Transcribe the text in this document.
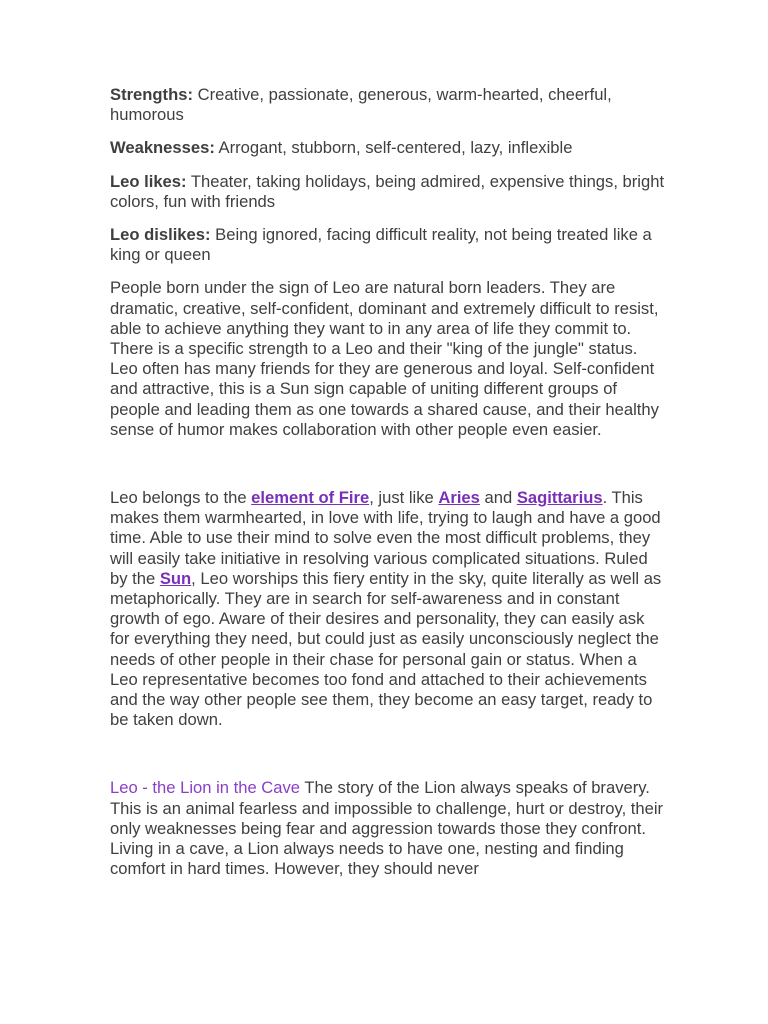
Strengths: Creative, passionate, generous, warm-hearted, cheerful, humorous

Weaknesses: Arrogant, stubborn, self-centered, lazy, inflexible

Leo likes: Theater, taking holidays, being admired, expensive things, bright colors, fun with friends

Leo dislikes: Being ignored, facing difficult reality, not being treated like a king or queen

People born under the sign of Leo are natural born leaders. They are dramatic, creative, self-confident, dominant and extremely difficult to resist, able to achieve anything they want to in any area of life they commit to. There is a specific strength to a Leo and their "king of the jungle" status. Leo often has many friends for they are generous and loyal. Self-confident and attractive, this is a Sun sign capable of uniting different groups of people and leading them as one towards a shared cause, and their healthy sense of humor makes collaboration with other people even easier.

Leo belongs to the element of Fire, just like Aries and Sagittarius. This makes them warmhearted, in love with life, trying to laugh and have a good time. Able to use their mind to solve even the most difficult problems, they will easily take initiative in resolving various complicated situations. Ruled by the Sun, Leo worships this fiery entity in the sky, quite literally as well as metaphorically. They are in search for self-awareness and in constant growth of ego. Aware of their desires and personality, they can easily ask for everything they need, but could just as easily unconsciously neglect the needs of other people in their chase for personal gain or status. When a Leo representative becomes too fond and attached to their achievements and the way other people see them, they become an easy target, ready to be taken down.

Leo - the Lion in the Cave The story of the Lion always speaks of bravery. This is an animal fearless and impossible to challenge, hurt or destroy, their only weaknesses being fear and aggression towards those they confront. Living in a cave, a Lion always needs to have one, nesting and finding comfort in hard times. However, they should never
